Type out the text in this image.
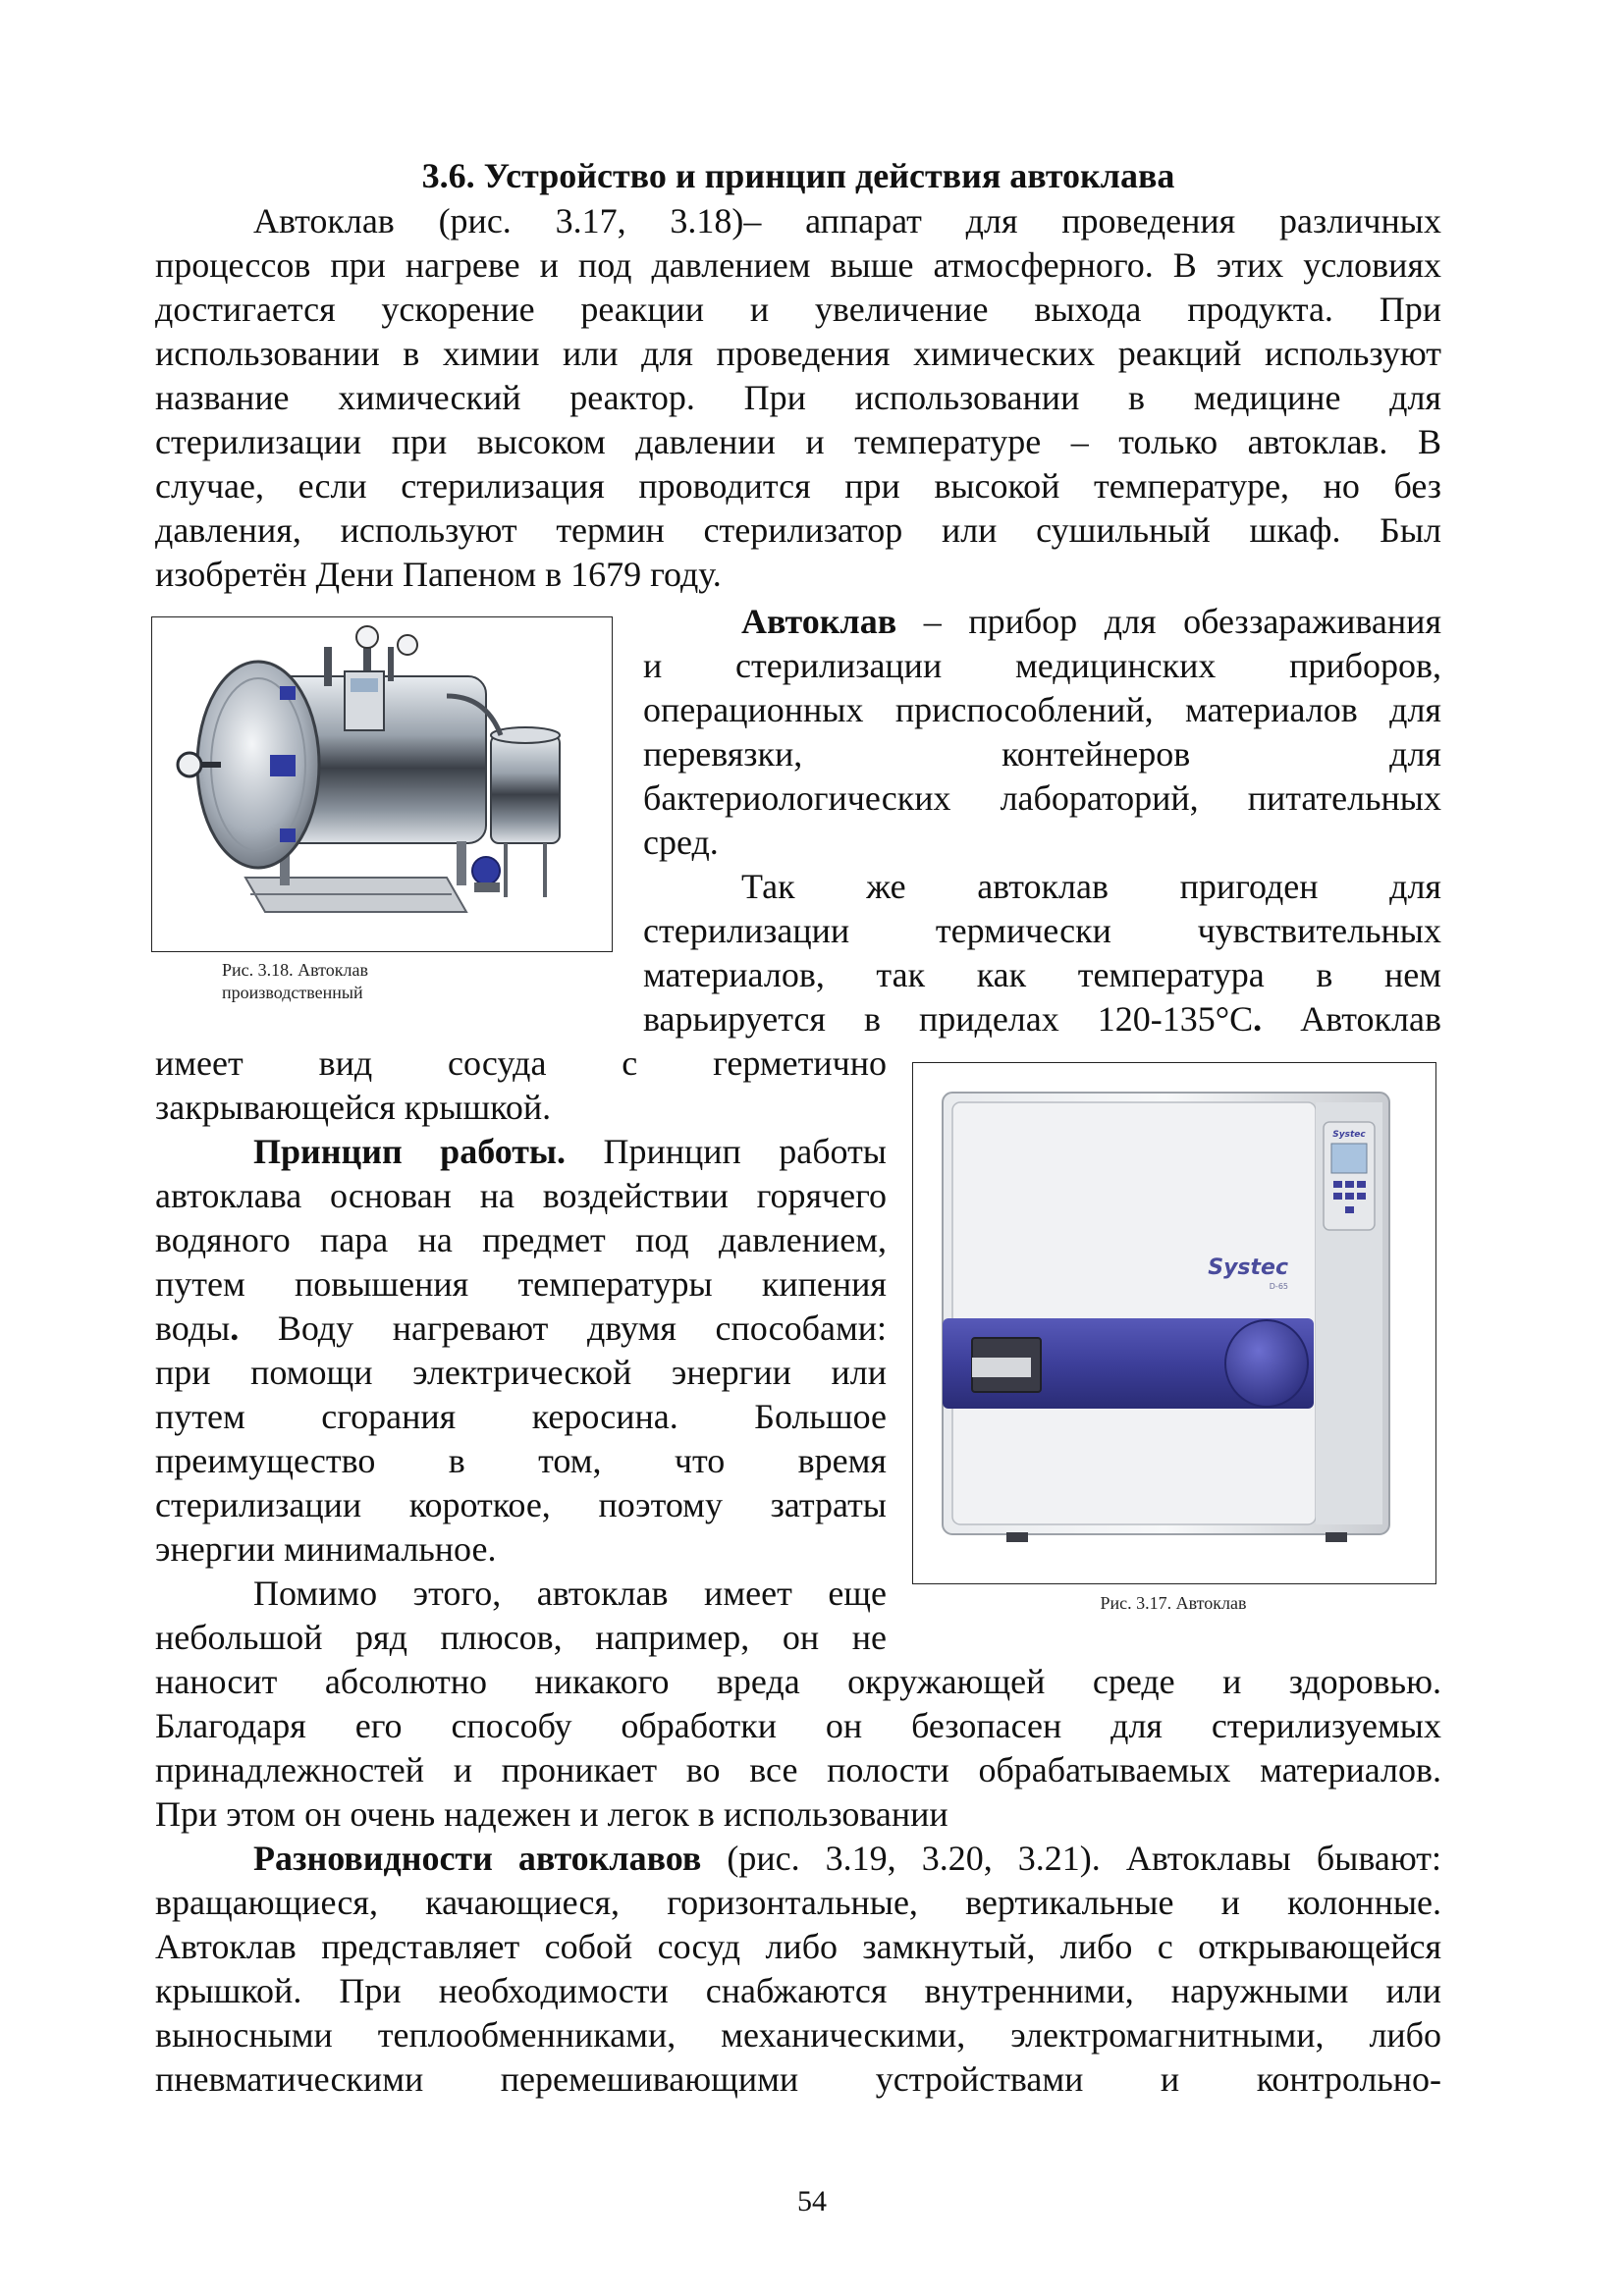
3.6. Устройство и принцип действия автоклава
Автоклав (рис. 3.17, 3.18)– аппарат для проведения различных
процессов при нагреве и под давлением выше атмосферного. В этих условиях
достигается ускорение реакции и увеличение выхода продукта. При
использовании в химии или для проведения химических реакций используют
название химический реактор. При использовании в медицине для
стерилизации при высоком давлении и температуре – только автоклав. В
случае, если стерилизация проводится при высокой температуре, но без
давления, используют термин стерилизатор или сушильный шкаф. Был
изобретён Дени Папеном в 1679 году.
Рис. 3.18. Автоклав
производственный
Автоклав – прибор для обеззараживания
и стерилизации медицинских приборов,
операционных приспособлений, материалов для
перевязки, контейнеров для
бактериологических лабораторий, питательных
сред.
Так же автоклав пригоден для
стерилизации термически чувствительных
материалов, так как температура в нем
варьируется в приделах 120-135°С. Автоклав
имеет вид сосуда с герметично
закрывающейся крышкой.
Принцип работы. Принцип работы
автоклава основан на воздействии горячего
водяного пара на предмет под давлением,
путем повышения температуры кипения
воды. Воду нагревают двумя способами:
при помощи электрической энергии или
путем сгорания керосина. Большое
преимущество в том, что время
стерилизации короткое, поэтому затраты
энергии минимальное.
Помимо этого, автоклав имеет еще
небольшой ряд плюсов, например, он не
Systec
Systec
D-65
Рис. 3.17. Автоклав
наносит абсолютно никакого вреда окружающей среде и здоровью.
Благодаря его способу обработки он безопасен для стерилизуемых
принадлежностей и проникает во все полости обрабатываемых материалов.
При этом он очень надежен и легок в использовании
Разновидности автоклавов (рис. 3.19, 3.20, 3.21). Автоклавы бывают:
вращающиеся, качающиеся, горизонтальные, вертикальные и колонные.
Автоклав представляет собой сосуд либо замкнутый, либо с открывающейся
крышкой. При необходимости снабжаются внутренними, наружными или
выносными теплообменниками, механическими, электромагнитными, либо
пневматическими перемешивающими устройствами и контрольно-
54
